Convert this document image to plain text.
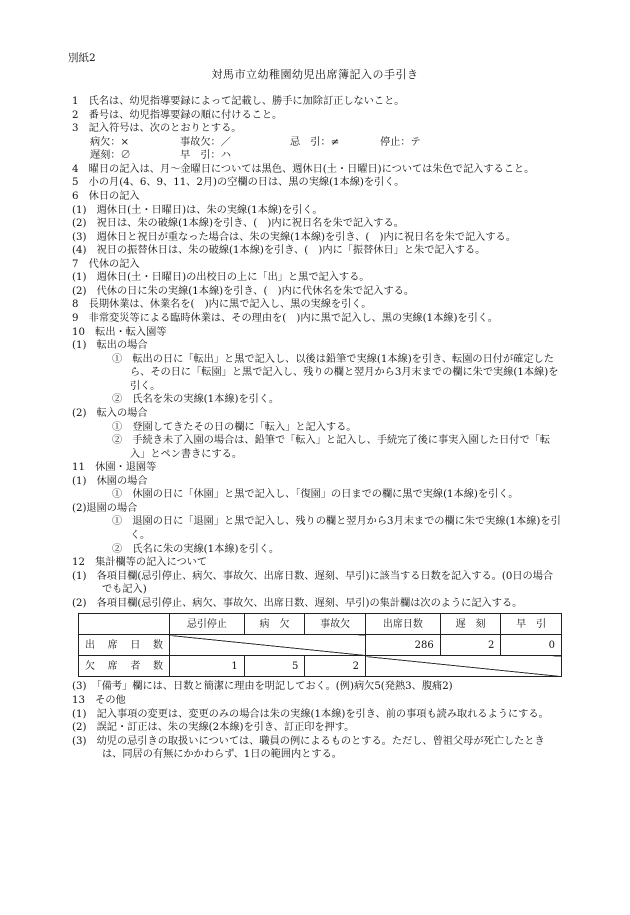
別紙2
対馬市立幼稚園幼児出席簿記入の手引き
1　氏名は、幼児指導要録によって記載し、勝手に加除訂正しないこと。
2　番号は、幼児指導要録の順に付けること。
3　記入符号は、次のとおりとする。
病欠：×	事故欠：／	忌　引：≠	停止：テ
遅刻：∅	早　引：ハ
4　曜日の記入は、月〜金曜日については黒色、週休日(土・日曜日)については朱色で記入すること。
5　小の月(4、6、9、11、2月)の空欄の日は、黒の実線(1本線)を引く。
6　休日の記入
(1)　週休日(土・日曜日)は、朱の実線(1本線)を引く。
(2)　祝日は、朱の破線(1本線)を引き、(　)内に祝日名を朱で記入する。
(3)　週休日と祝日が重なった場合は、朱の実線(1本線)を引き、(　)内に祝日名を朱で記入する。
(4)　祝日の振替休日は、朱の破線(1本線)を引き、(　)内に「振替休日」と朱で記入する。
7　代休の記入
(1)　週休日(土・日曜日)の出校日の上に「出」と黒で記入する。
(2)　代休の日に朱の実線(1本線)を引き、(　)内に代休名を朱で記入する。
8　長期休業は、休業名を(　)内に黒で記入し、黒の実線を引く。
9　非常変災等による臨時休業は、その理由を(　)内に黒で記入し、黒の実線(1本線)を引く。
10　転出・転入園等
(1)　転出の場合
①　転出の日に「転出」と黒で記入し、以後は鉛筆で実線(1本線)を引き、転園の日付が確定したら、その日に「転園」と黒で記入し、残りの欄と翌月から3月末までの欄に朱で実線(1本線)を引く。
②　氏名を朱の実線(1本線)を引く。
(2)　転入の場合
①　登園してきたその日の欄に「転入」と記入する。
②　手続き未了入園の場合は、鉛筆で「転入」と記入し、手続完了後に事実入園した日付で「転入」とペン書きにする。
11　休園・退園等
(1)　休園の場合
①　休園の日に「休園」と黒で記入し、「復園」の日までの欄に黒で実線(1本線)を引く。
(2)退園の場合
①　退園の日に「退園」と黒で記入し、残りの欄と翌月から3月末までの欄に朱で実線(1本線)を引く。
②　氏名に朱の実線(1本線)を引く。
12　集計欄等の記入について
(1)　各項目欄(忌引停止、病欠、事故欠、出席日数、遅刻、早引)に該当する日数を記入する。(0日の場合でも記入)
(2)　各項目欄(忌引停止、病欠、事故欠、出席日数、遅刻、早引)の集計欄は次のように記入する。
	忌引停止	病　欠	事故欠	出席日数	遅　刻	早　引
出席日数				286	2	0
欠席者数	1	5	2			
(3)　「備考」欄には、日数と簡潔に理由を明記しておく。(例)病欠5(発熱3、腹痛2)
13　その他
(1)　記入事項の変更は、変更のみの場合は朱の実線(1本線)を引き、前の事項も読み取れるようにする。
(2)　誤記・訂正は、朱の実線(2本線)を引き、訂正印を押す。
(3)　幼児の忌引きの取扱いについては、職員の例によるものとする。ただし、曾祖父母が死亡したときは、同居の有無にかかわらず、1日の範囲内とする。
